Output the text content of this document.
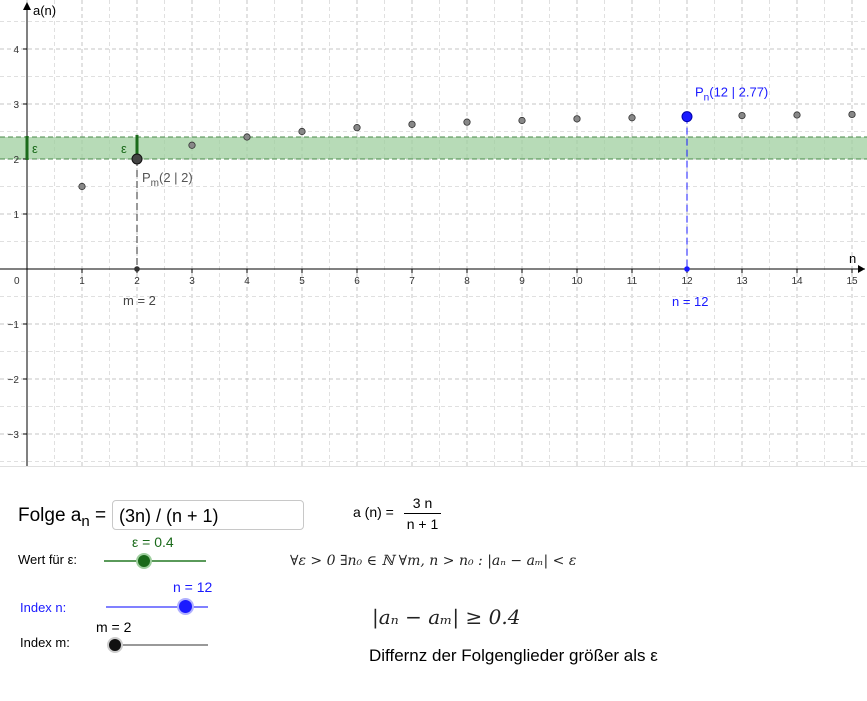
a(n)
n
0	1	2	3	4	5	6	7	8	9	10	11	12	13	14	15
1
2
3
4
−1
−2
−3
ε	ε
$P_m(2$ | 2)
$P_n(12$ | 2.77)
m = 2	n = 12
Folge $a_n = (3n) / (n + 1)$
Wert für ε:
ε = 0.4
Index n:
n = 12
Index m:
m = 2
a $(n) = \frac{3 n}{n + 1}$
∀ε > 0 ∃n₀ ∈ ℕ ∀m, n > n₀ : |aₙ − aₘ| < ε
|aₙ − aₘ| ≥ 0.4
Differnz der Folgenglieder größer als ε
